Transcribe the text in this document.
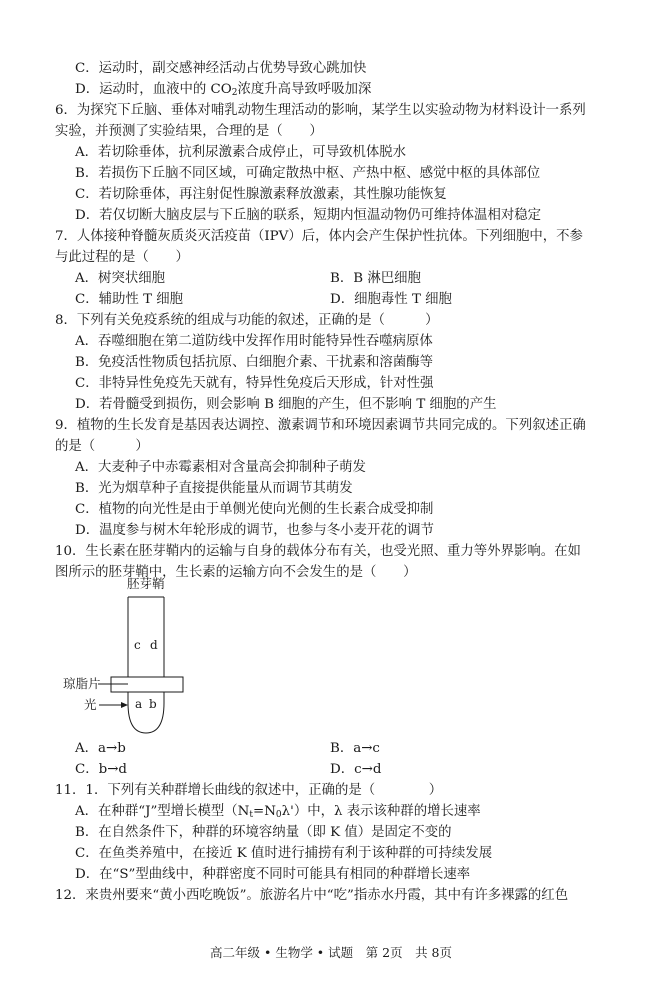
C．运动时，副交感神经活动占优势导致心跳加快
D．运动时，血液中的 $CO_2$浓度升高导致呼吸加深
6．为探究下丘脑、垂体对哺乳动物生理活动的影响，某学生以实验动物为材料设计一系列
实验，并预测了实验结果，合理的是（　　）
A．若切除垂体，抗利尿激素合成停止，可导致机体脱水
B．若损伤下丘脑不同区域，可确定散热中枢、产热中枢、感觉中枢的具体部位
C．若切除垂体，再注射促性腺激素释放激素，其性腺功能恢复
D．若仅切断大脑皮层与下丘脑的联系，短期内恒温动物仍可维持体温相对稳定
7．人体接种脊髓灰质炎灭活疫苗（IPV）后，体内会产生保护性抗体。下列细胞中，不参
与此过程的是（　　）
A．树突状细胞	B．B 淋巴细胞
C．辅助性 T 细胞	D．细胞毒性 T 细胞
8．下列有关免疫系统的组成与功能的叙述，正确的是（　　　）
A．吞噬细胞在第二道防线中发挥作用时能特异性吞噬病原体
B．免疫活性物质包括抗原、白细胞介素、干扰素和溶菌酶等
C．非特异性免疫先天就有，特异性免疫后天形成，针对性强
D．若骨髓受到损伤，则会影响 B 细胞的产生，但不影响 T 细胞的产生
9．植物的生长发育是基因表达调控、激素调节和环境因素调节共同完成的。下列叙述正确
的是（　　　）
A．大麦种子中赤霉素相对含量高会抑制种子萌发
B．光为烟草种子直接提供能量从而调节其萌发
C．植物的向光性是由于单侧光使向光侧的生长素合成受抑制
D．温度参与树木年轮形成的调节，也参与冬小麦开花的调节
10．生长素在胚芽鞘内的运输与自身的载体分布有关，也受光照、重力等外界影响。在如
图所示的胚芽鞘中，生长素的运输方向不会发生的是（　　）
胚芽鞘
c d
a b
琼脂片
光
A．a→b	B．a→c
C．b→d	D．c→d
11．1．下列有关种群增长曲线的叙述中，正确的是（　　　　）
A．在种群“J”型增长模型$(N_t=N_0\lambda')$中，λ 表示该种群的增长速率
B．在自然条件下，种群的环境容纳量（即 K 值）是固定不变的
C．在鱼类养殖中，在接近 K 值时进行捕捞有利于该种群的可持续发展
D．在“S”型曲线中，种群密度不同时可能具有相同的种群增长速率
12．来贵州要来“黄小西吃晚饭”。旅游名片中“吃”指赤水丹霞，其中有许多裸露的红色
高二年级 • 生物学 • 试题　第 2页　共 8页
